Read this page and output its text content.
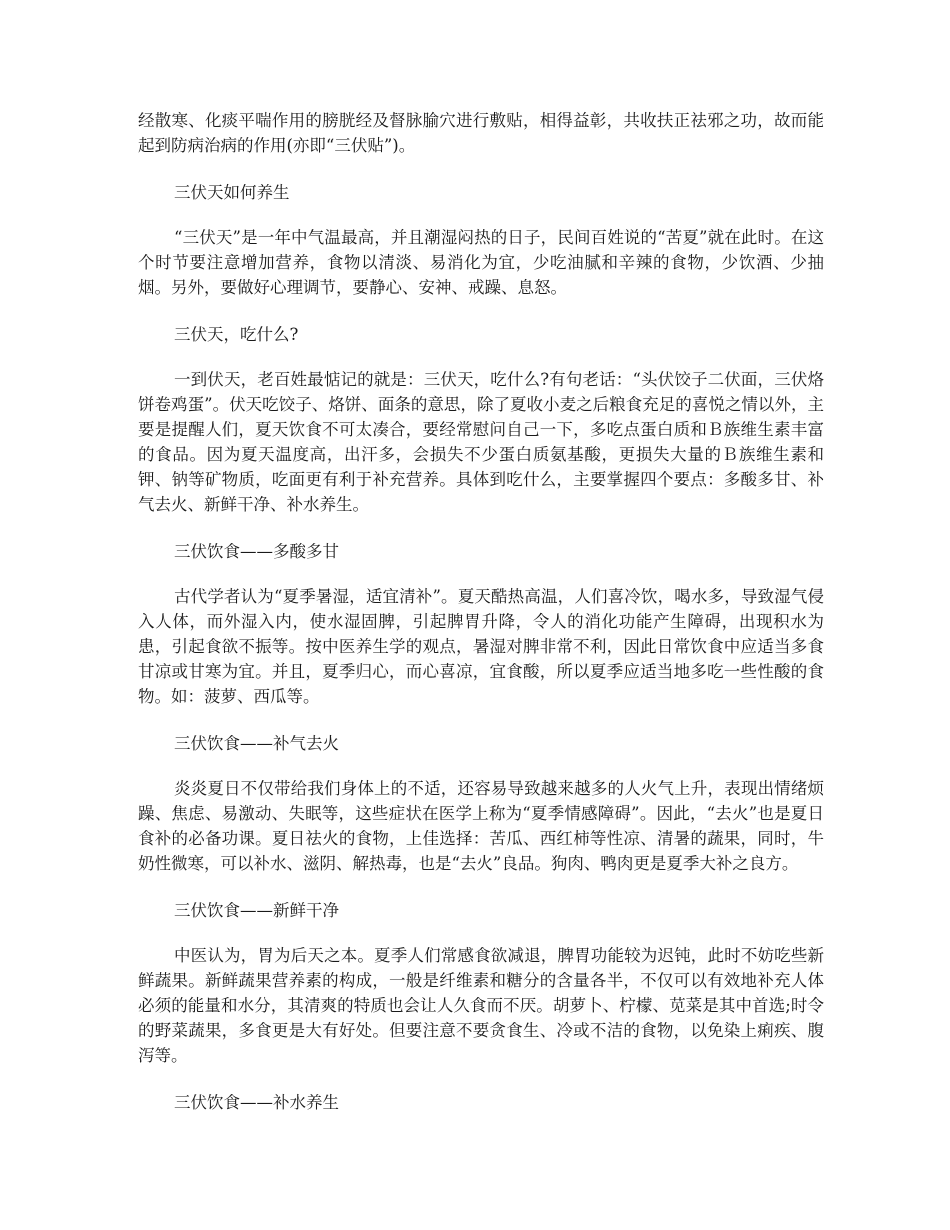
经散寒、化痰平喘作用的膀胱经及督脉腧穴进行敷贴，相得益彰，共收扶正祛邪之功，故而能起到防病治病的作用(亦即“三伏贴”)。

三伏天如何养生

“三伏天”是一年中气温最高，并且潮湿闷热的日子，民间百姓说的“苦夏”就在此时。在这个时节要注意增加营养，食物以清淡、易消化为宜，少吃油腻和辛辣的食物，少饮酒、少抽烟。另外，要做好心理调节，要静心、安神、戒躁、息怒。

三伏天，吃什么?

一到伏天，老百姓最惦记的就是：三伏天，吃什么?有句老话：“头伏饺子二伏面，三伏烙饼卷鸡蛋”。伏天吃饺子、烙饼、面条的意思，除了夏收小麦之后粮食充足的喜悦之情以外，主要是提醒人们，夏天饮食不可太凑合，要经常慰问自己一下，多吃点蛋白质和Ｂ族维生素丰富的食品。因为夏天温度高，出汗多，会损失不少蛋白质氨基酸，更损失大量的Ｂ族维生素和钾、钠等矿物质，吃面更有利于补充营养。具体到吃什么，主要掌握四个要点：多酸多甘、补气去火、新鲜干净、补水养生。

三伏饮食——多酸多甘

古代学者认为“夏季暑湿，适宜清补”。夏天酷热高温，人们喜冷饮，喝水多，导致湿气侵入人体，而外湿入内，使水湿固脾，引起脾胃升降，令人的消化功能产生障碍，出现积水为患，引起食欲不振等。按中医养生学的观点，暑湿对脾非常不利，因此日常饮食中应适当多食甘凉或甘寒为宜。并且，夏季归心，而心喜凉，宜食酸，所以夏季应适当地多吃一些性酸的食物。如：菠萝、西瓜等。

三伏饮食——补气去火

炎炎夏日不仅带给我们身体上的不适，还容易导致越来越多的人火气上升，表现出情绪烦躁、焦虑、易激动、失眠等，这些症状在医学上称为“夏季情感障碍”。因此，“去火”也是夏日食补的必备功课。夏日祛火的食物，上佳选择：苦瓜、西红柿等性凉、清暑的蔬果，同时，牛奶性微寒，可以补水、滋阴、解热毒，也是“去火”良品。狗肉、鸭肉更是夏季大补之良方。

三伏饮食——新鲜干净

中医认为，胃为后天之本。夏季人们常感食欲减退，脾胃功能较为迟钝，此时不妨吃些新鲜蔬果。新鲜蔬果营养素的构成，一般是纤维素和糖分的含量各半，不仅可以有效地补充人体必须的能量和水分，其清爽的特质也会让人久食而不厌。胡萝卜、柠檬、苋菜是其中首选;时令的野菜蔬果，多食更是大有好处。但要注意不要贪食生、冷或不洁的食物，以免染上痢疾、腹泻等。

三伏饮食——补水养生
